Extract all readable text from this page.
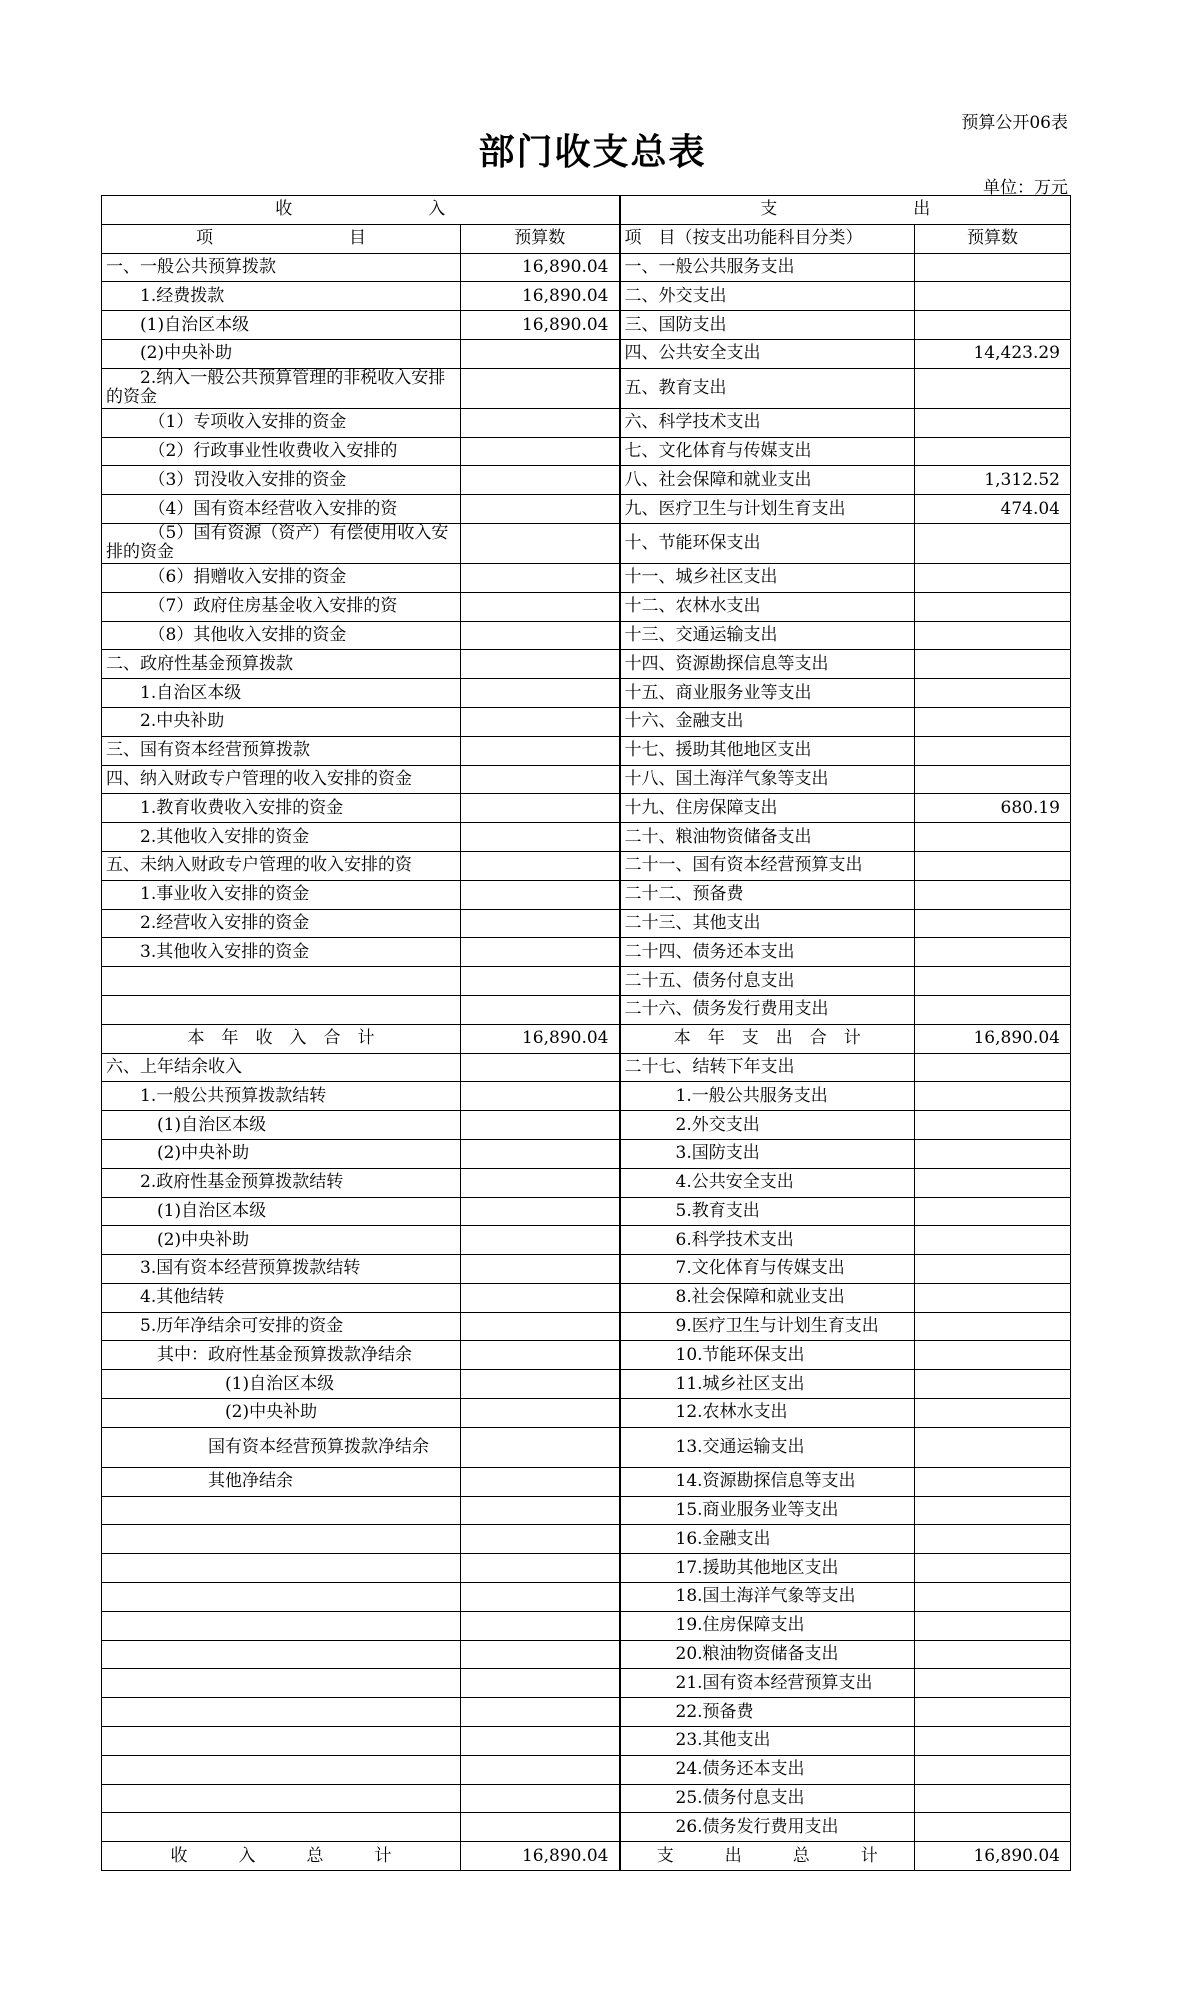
预算公开06表
部门收支总表
单位：万元
收　　　　　　　　入		支　　　　　　　　出	
项　　　　　　　　目	预算数	项　目（按支出功能科目分类）	预算数
一、一般公共预算拨款	16,890.04	一、一般公共服务支出	
　　1.经费拨款	16,890.04	二、外交支出	
　　(1)自治区本级	16,890.04	三、国防支出	
　　(2)中央补助		四、公共安全支出	14,423.29
　　2.纳入一般公共预算管理的非税收入安排的资金		五、教育支出	
　　　（1）专项收入安排的资金		六、科学技术支出	
　　　（2）行政事业性收费收入安排的		七、文化体育与传媒支出	
　　　（3）罚没收入安排的资金		八、社会保障和就业支出	1,312.52
　　　（4）国有资本经营收入安排的资		九、医疗卫生与计划生育支出	474.04
　　　（5）国有资源（资产）有偿使用收入安排的资金		十、节能环保支出	
　　　（6）捐赠收入安排的资金		十一、城乡社区支出	
　　　（7）政府住房基金收入安排的资		十二、农林水支出	
　　　（8）其他收入安排的资金		十三、交通运输支出	
二、政府性基金预算拨款		十四、资源勘探信息等支出	
　　1.自治区本级		十五、商业服务业等支出	
　　2.中央补助		十六、金融支出	
三、国有资本经营预算拨款		十七、援助其他地区支出	
四、纳入财政专户管理的收入安排的资金		十八、国土海洋气象等支出	
　　1.教育收费收入安排的资金		十九、住房保障支出	680.19
　　2.其他收入安排的资金		二十、粮油物资储备支出	
五、未纳入财政专户管理的收入安排的资		二十一、国有资本经营预算支出	
　　1.事业收入安排的资金		二十二、预备费	
　　2.经营收入安排的资金		二十三、其他支出	
　　3.其他收入安排的资金		二十四、债务还本支出	
		二十五、债务付息支出	
		二十六、债务发行费用支出	
本　年　收　入　合　计	16,890.04	本　年　支　出　合　计	16,890.04
六、上年结余收入		二十七、结转下年支出	
　　1.一般公共预算拨款结转		　　　1.一般公共服务支出	
　　　(1)自治区本级		　　　2.外交支出	
　　　(2)中央补助		　　　3.国防支出	
　　2.政府性基金预算拨款结转		　　　4.公共安全支出	
　　　(1)自治区本级		　　　5.教育支出	
　　　(2)中央补助		　　　6.科学技术支出	
　　3.国有资本经营预算拨款结转		　　　7.文化体育与传媒支出	
　　4.其他结转		　　　8.社会保障和就业支出	
　　5.历年净结余可安排的资金		　　　9.医疗卫生与计划生育支出	
　　　其中：政府性基金预算拨款净结余		　　　10.节能环保支出	
　　　　　　　(1)自治区本级		　　　11.城乡社区支出	
　　　　　　　(2)中央补助		　　　12.农林水支出	
　　　　　　国有资本经营预算拨款净结余		　　　13.交通运输支出	
　　　　　　其他净结余		　　　14.资源勘探信息等支出	
		　　　15.商业服务业等支出	
		　　　16.金融支出	
		　　　17.援助其他地区支出	
		　　　18.国土海洋气象等支出	
		　　　19.住房保障支出	
		　　　20.粮油物资储备支出	
		　　　21.国有资本经营预算支出	
		　　　22.预备费	
		　　　23.其他支出	
		　　　24.债务还本支出	
		　　　25.债务付息支出	
		　　　26.债务发行费用支出	
收　　　入　　　总　　　计	16,890.04	支　　　出　　　总　　　计	16,890.04
